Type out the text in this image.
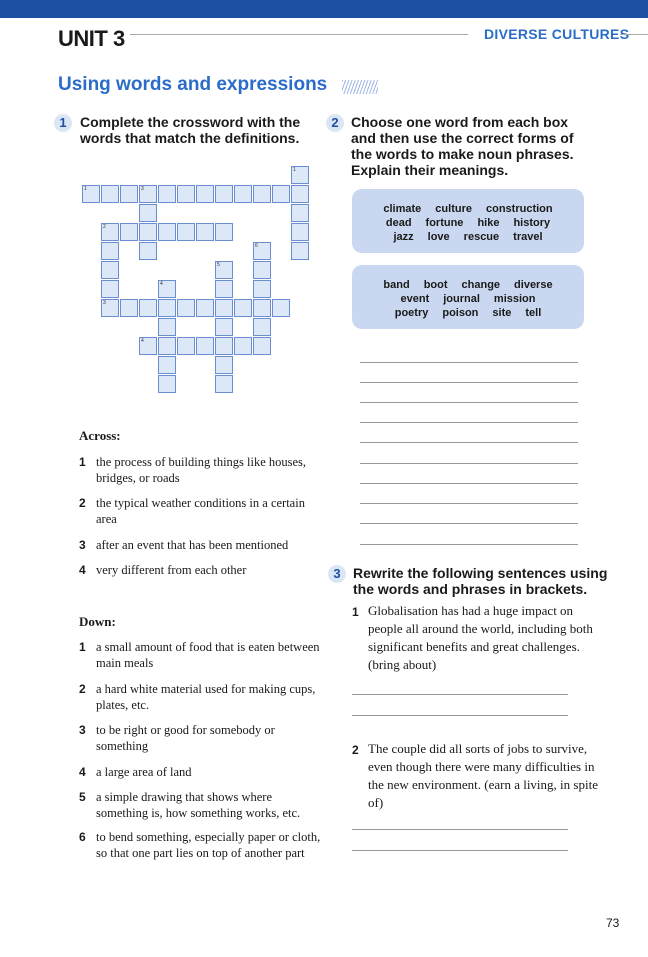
UNIT 3	DIVERSE CULTURES
Using words and expressions
1 Complete the crossword with the
words that match the definitions.
1	3
1
2
6
5
4
3
4
Across:
1 the process of building things like houses,
bridges, or roads
2 the typical weather conditions in a certain
area
3 after an event that has been mentioned
4 very different from each other
Down:
1 a small amount of food that is eaten between
main meals
2 a hard white material used for making cups,
plates, etc.
3 to be right or good for somebody or
something
4 a large area of land
5 a simple drawing that shows where
something is, how something works, etc.
6 to bend something, especially paper or cloth,
so that one part lies on top of another part
2 Choose one word from each box
and then use the correct forms of
the words to make noun phrases.
Explain their meanings.
climate culture construction
dead fortune hike history
jazz love rescue travel
band boot change diverse
event journal mission
poetry poison site tell
3 Rewrite the following sentences using
the words and phrases in brackets.
1 Globalisation has had a huge impact on
people all around the world, including both
significant benefits and great challenges.
(bring about)
2 The couple did all sorts of jobs to survive,
even though there were many difficulties in
the new environment. (earn a living, in spite
of)
73
